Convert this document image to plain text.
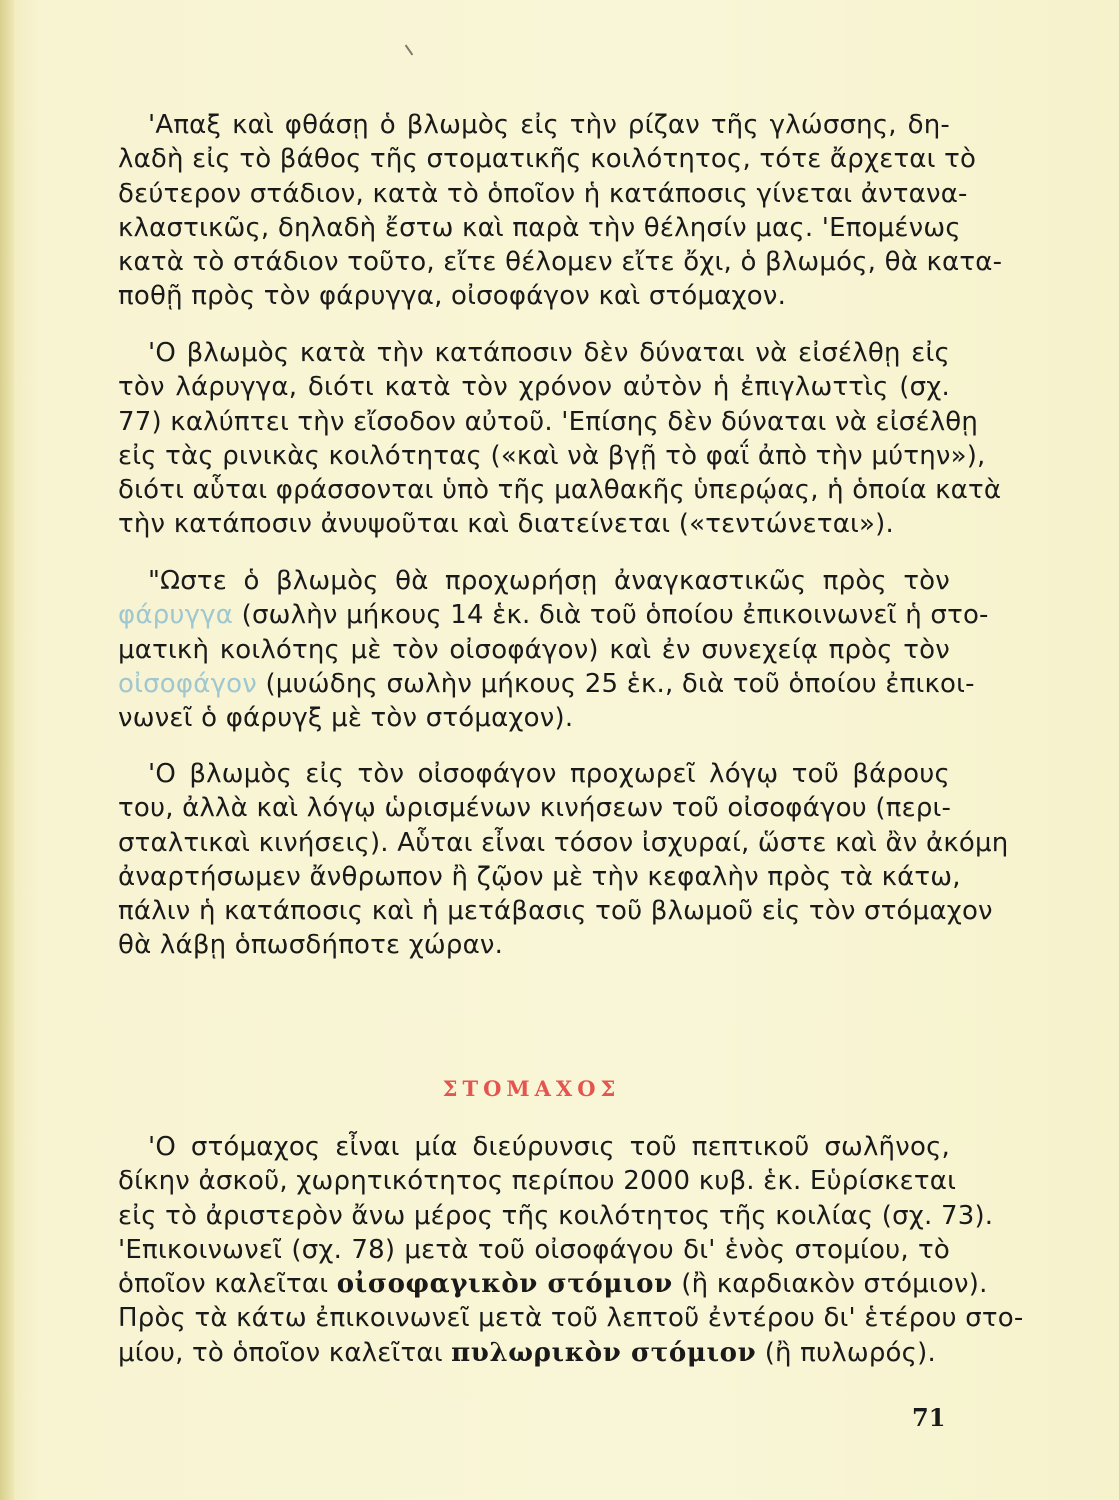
'Απαξ καὶ φθάσῃ ὁ βλωμὸς εἰς τὴν ρίζαν τῆς γλώσσης, δη-
λαδὴ εἰς τὸ βάθος τῆς στοματικῆς κοιλότητος, τότε ἄρχεται τὸ
δεύτερον στάδιον, κατὰ τὸ ὁποῖον ἡ κατάποσις γίνεται ἀντανα-
κλαστικῶς, δηλαδὴ ἔστω καὶ παρὰ τὴν θέλησίν μας. 'Επομένως
κατὰ τὸ στάδιον τοῦτο, εἴτε θέλομεν εἴτε ὄχι, ὁ βλωμός, θὰ κατα-
ποθῇ πρὸς τὸν φάρυγγα, οἰσοφάγον καὶ στόμαχον.
'Ο βλωμὸς κατὰ τὴν κατάποσιν δὲν δύναται νὰ εἰσέλθῃ εἰς
τὸν λάρυγγα, διότι κατὰ τὸν χρόνον αὐτὸν ἡ ἐπιγλωττὶς (σχ.
77) καλύπτει τὴν εἴσοδον αὐτοῦ. 'Επίσης δὲν δύναται νὰ εἰσέλθῃ
εἰς τὰς ρινικὰς κοιλότητας («καὶ νὰ βγῇ τὸ φαΐ ἀπὸ τὴν μύτην»),
διότι αὗται φράσσονται ὑπὸ τῆς μαλθακῆς ὑπερῴας, ἡ ὁποία κατὰ
τὴν κατάποσιν ἀνυψοῦται καὶ διατείνεται («τεντώνεται»).
"Ωστε ὁ βλωμὸς θὰ προχωρήσῃ ἀναγκαστικῶς πρὸς τὸν
φάρυγγα (σωλὴν μήκους 14 ἑκ. διὰ τοῦ ὁποίου ἐπικοινωνεῖ ἡ στο-
ματικὴ κοιλότης μὲ τὸν οἰσοφάγον) καὶ ἐν συνεχείᾳ πρὸς τὸν
οἰσοφάγον (μυώδης σωλὴν μήκους 25 ἑκ., διὰ τοῦ ὁποίου ἐπικοι-
νωνεῖ ὁ φάρυγξ μὲ τὸν στόμαχον).
'Ο βλωμὸς εἰς τὸν οἰσοφάγον προχωρεῖ λόγῳ τοῦ βάρους
του, ἀλλὰ καὶ λόγῳ ὡρισμένων κινήσεων τοῦ οἰσοφάγου (περι-
σταλτικαὶ κινήσεις). Αὗται εἶναι τόσον ἰσχυραί, ὥστε καὶ ἂν ἀκόμη
ἀναρτήσωμεν ἄνθρωπον ἢ ζῷον μὲ τὴν κεφαλὴν πρὸς τὰ κάτω,
πάλιν ἡ κατάποσις καὶ ἡ μετάβασις τοῦ βλωμοῦ εἰς τὸν στόμαχον
θὰ λάβῃ ὁπωσδήποτε χώραν.
ΣΤΟΜΑΧΟΣ
'Ο στόμαχος εἶναι μία διεύρυνσις τοῦ πεπτικοῦ σωλῆνος,
δίκην ἀσκοῦ, χωρητικότητος περίπου 2000 κυβ. ἑκ. Εὑρίσκεται
εἰς τὸ ἀριστερὸν ἄνω μέρος τῆς κοιλότητος τῆς κοιλίας (σχ. 73).
'Επικοινωνεῖ (σχ. 78) μετὰ τοῦ οἰσοφάγου δι' ἑνὸς στομίου, τὸ
ὁποῖον καλεῖται οἰσοφαγικὸν στόμιον (ἢ καρδιακὸν στόμιον).
Πρὸς τὰ κάτω ἐπικοινωνεῖ μετὰ τοῦ λεπτοῦ ἐντέρου δι' ἑτέρου στο-
μίου, τὸ ὁποῖον καλεῖται πυλωρικὸν στόμιον (ἢ πυλωρός).
71
